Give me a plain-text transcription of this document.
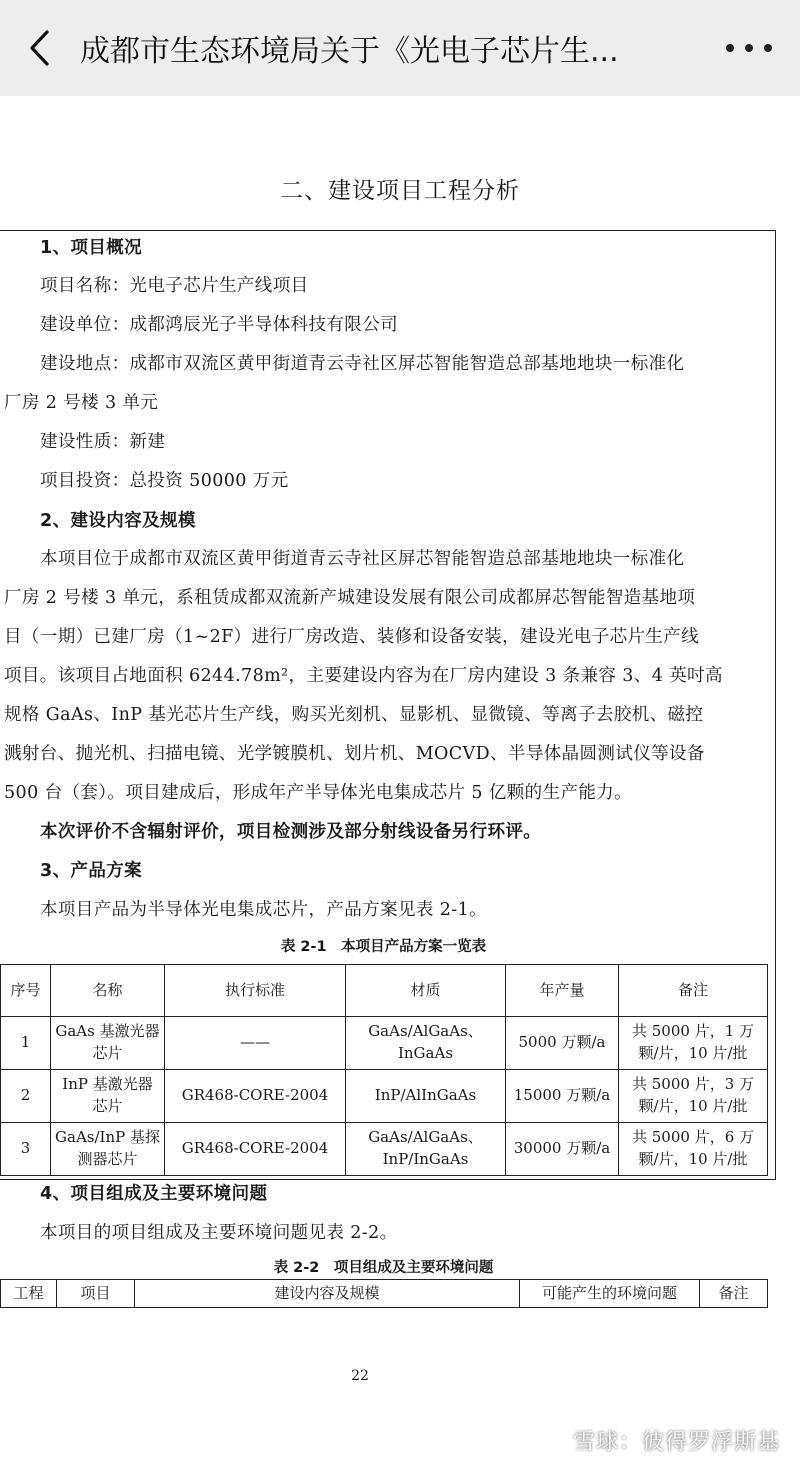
成都市生态环境局关于《光电子芯片生...
二、建设项目工程分析
1、项目概况
项目名称：光电子芯片生产线项目
建设单位：成都鸿辰光子半导体科技有限公司
建设地点：成都市双流区黄甲街道青云寺社区屏芯智能智造总部基地地块一标准化
厂房 2 号楼 3 单元
建设性质：新建
项目投资：总投资 50000 万元
2、建设内容及规模
本项目位于成都市双流区黄甲街道青云寺社区屏芯智能智造总部基地地块一标准化
厂房 2 号楼 3 单元，系租赁成都双流新产城建设发展有限公司成都屏芯智能智造基地项
目（一期）已建厂房（1~2F）进行厂房改造、装修和设备安装，建设光电子芯片生产线
项目。该项目占地面积 6244.78m²，主要建设内容为在厂房内建设 3 条兼容 3、4 英吋高
规格 GaAs、InP 基光芯片生产线，购买光刻机、显影机、显微镜、等离子去胶机、磁控
溅射台、抛光机、扫描电镜、光学镀膜机、划片机、MOCVD、半导体晶圆测试仪等设备
500 台（套）。项目建成后，形成年产半导体光电集成芯片 5 亿颗的生产能力。
本次评价不含辐射评价，项目检测涉及部分射线设备另行环评。
3、产品方案
本项目产品为半导体光电集成芯片，产品方案见表 2-1。
表 2-1　本项目产品方案一览表
序号	名称	执行标准	材质	年产量	备注
1	GaAs 基激光器芯片	——	GaAs/AlGaAs、InGaAs	5000 万颗/a	共 5000 片，1 万颗/片，10 片/批
2	InP 基激光器芯片	GR468-CORE-2004	InP/AlInGaAs	15000 万颗/a	共 5000 片，3 万颗/片，10 片/批
3	GaAs/InP 基探测器芯片	GR468-CORE-2004	GaAs/AlGaAs、InP/InGaAs	30000 万颗/a	共 5000 片，6 万颗/片，10 片/批
4、项目组成及主要环境问题
本项目的项目组成及主要环境问题见表 2-2。
表 2-2　项目组成及主要环境问题
工程	项目	建设内容及规模	可能产生的环境问题	备注
22
雪球：彼得罗浮斯基
